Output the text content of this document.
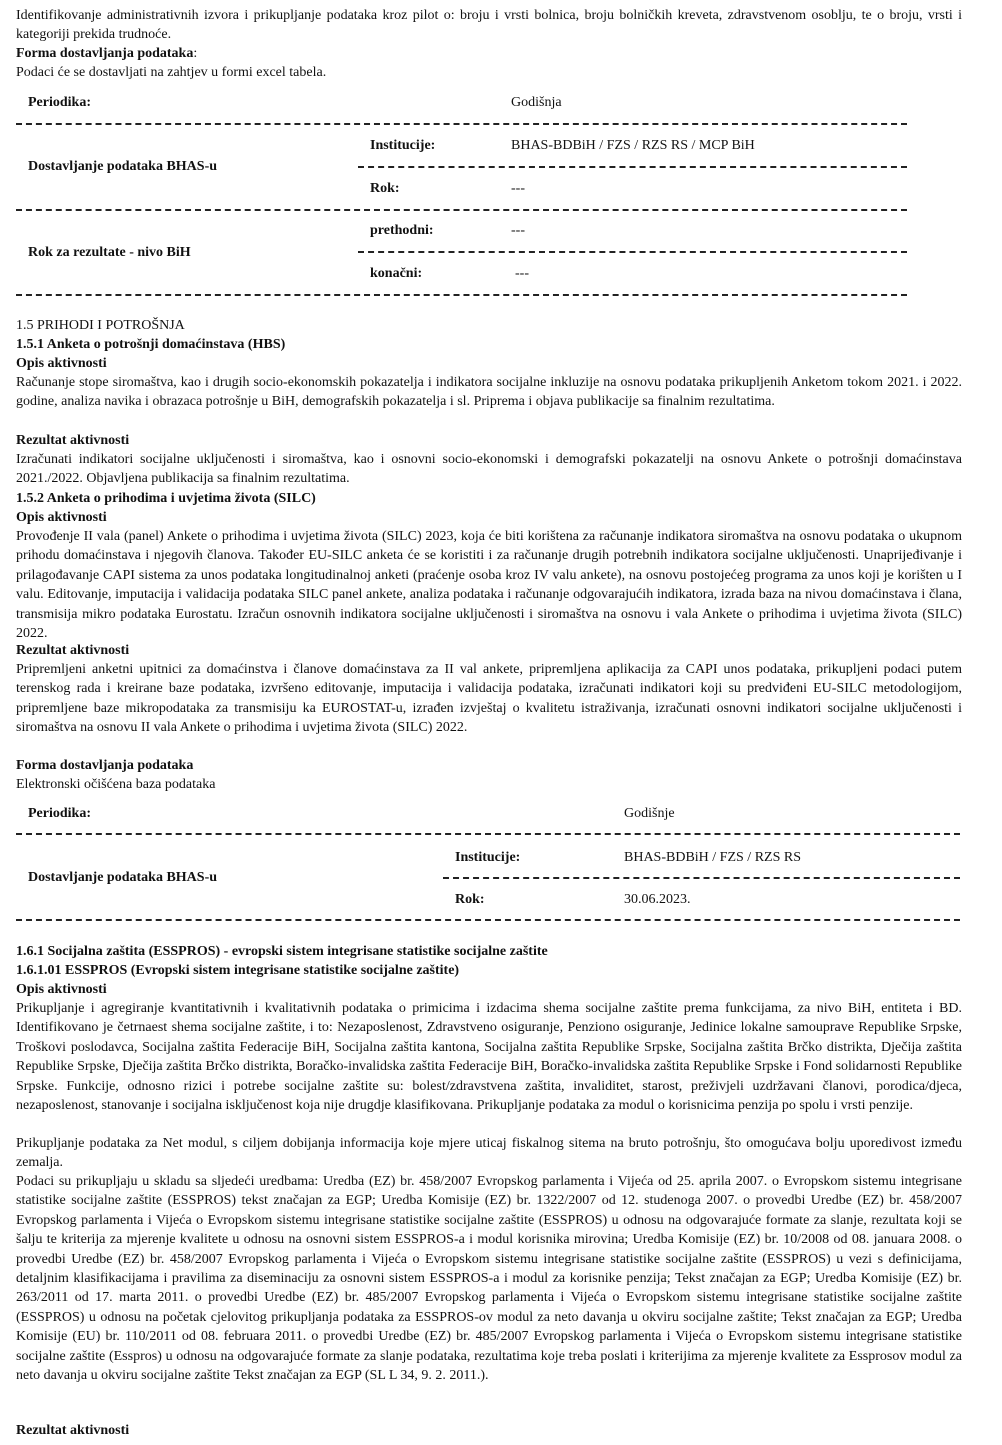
Identifikovanje administrativnih izvora i prikupljanje podataka kroz pilot o: broju i vrsti bolnica, broju bolničkih kreveta, zdravstvenom osoblju, te o broju, vrsti i kategoriji prekida trudnoće.
Forma dostavljanja podataka:
Podaci će se dostavljati na zahtjev u formi excel tabela.
Periodika:	Godišnja
Dostavljanje podataka BHAS-u
Institucije:	BHAS-BDBiH / FZS / RZS RS / MCP BiH
Rok:	---
Rok za rezultate - nivo BiH
prethodni:	---
konačni:	---
1.5 PRIHODI I POTROŠNJA
1.5.1 Anketa o potrošnji domaćinstava (HBS)
Opis aktivnosti
Računanje stope siromaštva, kao i drugih socio-ekonomskih pokazatelja i indikatora socijalne inkluzije na osnovu podataka prikupljenih Anketom tokom 2021. i 2022. godine, analiza navika i obrazaca potrošnje u BiH, demografskih pokazatelja i sl. Priprema i objava publikacije sa finalnim rezultatima.
Rezultat aktivnosti
Izračunati indikatori socijalne uključenosti i siromaštva, kao i osnovni socio-ekonomski i demografski pokazatelji na osnovu Ankete o potrošnji domaćinstava 2021./2022. Objavljena publikacija sa finalnim rezultatima.
1.5.2 Anketa o prihodima i uvjetima života (SILC)
Opis aktivnosti
Provođenje II vala (panel) Ankete o prihodima i uvjetima života (SILC) 2023, koja će biti korištena za računanje indikatora siromaštva na osnovu podataka o ukupnom prihodu domaćinstava i njegovih članova. Također EU-SILC anketa će se koristiti i za računanje drugih potrebnih indikatora socijalne uključenosti. Unaprijeđivanje i prilagođavanje CAPI sistema za unos podataka longitudinalnoj anketi (praćenje osoba kroz IV valu ankete), na osnovu postojećeg programa za unos koji je korišten u I valu. Editovanje, imputacija i validacija podataka SILC panel ankete, analiza podataka i računanje odgovarajućih indikatora, izrada baza na nivou domaćinstava i člana, transmisija mikro podataka Eurostatu. Izračun osnovnih indikatora socijalne uključenosti i siromaštva na osnovu i vala Ankete o prihodima i uvjetima života (SILC) 2022.
Rezultat aktivnosti
Pripremljeni anketni upitnici za domaćinstva i članove domaćinstava za II val ankete, pripremljena aplikacija za CAPI unos podataka, prikupljeni podaci putem terenskog rada i kreirane baze podataka, izvršeno editovanje, imputacija i validacija podataka, izračunati indikatori koji su predviđeni EU-SILC metodologijom, pripremljene baze mikropodataka za transmisiju ka EUROSTAT-u, izrađen izvještaj o kvalitetu istraživanja, izračunati osnovni indikatori socijalne uključenosti i siromaštva na osnovu II vala Ankete o prihodima i uvjetima života (SILC) 2022.
Forma dostavljanja podataka
Elektronski očišćena baza podataka
Periodika:	Godišnje
Dostavljanje podataka BHAS-u
Institucije:	BHAS-BDBiH / FZS / RZS RS
Rok:	30.06.2023.
1.6.1 Socijalna zaštita (ESSPROS) - evropski sistem integrisane statistike socijalne zaštite
1.6.1.01 ESSPROS (Evropski sistem integrisane statistike socijalne zaštite)
Opis aktivnosti
Prikupljanje i agregiranje kvantitativnih i kvalitativnih podataka o primicima i izdacima shema socijalne zaštite prema funkcijama, za nivo BiH, entiteta i BD. Identifikovano je četrnaest shema socijalne zaštite, i to: Nezaposlenost, Zdravstveno osiguranje, Penziono osiguranje, Jedinice lokalne samouprave Republike Srpske, Troškovi poslodavca, Socijalna zaštita Federacije BiH, Socijalna zaštita kantona, Socijalna zaštita Republike Srpske, Socijalna zaštita Brčko distrikta, Dječija zaštita Republike Srpske, Dječija zaštita Brčko distrikta, Boračko-invalidska zaštita Federacije BiH, Boračko-invalidska zaštita Republike Srpske i Fond solidarnosti Republike Srpske. Funkcije, odnosno rizici i potrebe socijalne zaštite su: bolest/zdravstvena zaštita, invaliditet, starost, preživjeli uzdržavani članovi, porodica/djeca, nezaposlenost, stanovanje i socijalna isključenost koja nije drugdje klasifikovana. Prikupljanje podataka za modul o korisnicima penzija po spolu i vrsti penzije.
Prikupljanje podataka za Net modul, s ciljem dobijanja informacija koje mjere uticaj fiskalnog sitema na bruto potrošnju, što omogućava bolju uporedivost između zemalja.
Podaci su prikupljaju u skladu sa sljedeći uredbama: Uredba (EZ) br. 458/2007 Evropskog parlamenta i Vijeća od 25. aprila 2007. o Evropskom sistemu integrisane statistike socijalne zaštite (ESSPROS) tekst značajan za EGP; Uredba Komisije (EZ) br. 1322/2007 od 12. studenoga 2007. o provedbi Uredbe (EZ) br. 458/2007 Evropskog parlamenta i Vijeća o Evropskom sistemu integrisane statistike socijalne zaštite (ESSPROS) u odnosu na odgovarajuće formate za slanje, rezultata koji se šalju te kriterija za mjerenje kvalitete u odnosu na osnovni sistem ESSPROS-a i modul korisnika mirovina; Uredba Komisije (EZ) br. 10/2008 od 08. januara 2008. o provedbi Uredbe (EZ) br. 458/2007 Evropskog parlamenta i Vijeća o Evropskom sistemu integrisane statistike socijalne zaštite (ESSPROS) u vezi s definicijama, detaljnim klasifikacijama i pravilima za diseminaciju za osnovni sistem ESSPROS-a i modul za korisnike penzija; Tekst značajan za EGP; Uredba Komisije (EZ) br. 263/2011 od 17. marta 2011. o provedbi Uredbe (EZ) br. 485/2007 Evropskog parlamenta i Vijeća o Evropskom sistemu integrisane statistike socijalne zaštite (ESSPROS) u odnosu na početak cjelovitog prikupljanja podataka za ESSPROS-ov modul za neto davanja u okviru socijalne zaštite; Tekst značajan za EGP; Uredba Komisije (EU) br. 110/2011 od 08. februara 2011. o provedbi Uredbe (EZ) br. 485/2007 Evropskog parlamenta i Vijeća o Evropskom sistemu integrisane statistike socijalne zaštite (Esspros) u odnosu na odgovarajuće formate za slanje podataka, rezultatima koje treba poslati i kriterijima za mjerenje kvalitete za Essprosov modul za neto davanja u okviru socijalne zaštite Tekst značajan za EGP (SL L 34, 9. 2. 2011.).
Rezultat aktivnosti
